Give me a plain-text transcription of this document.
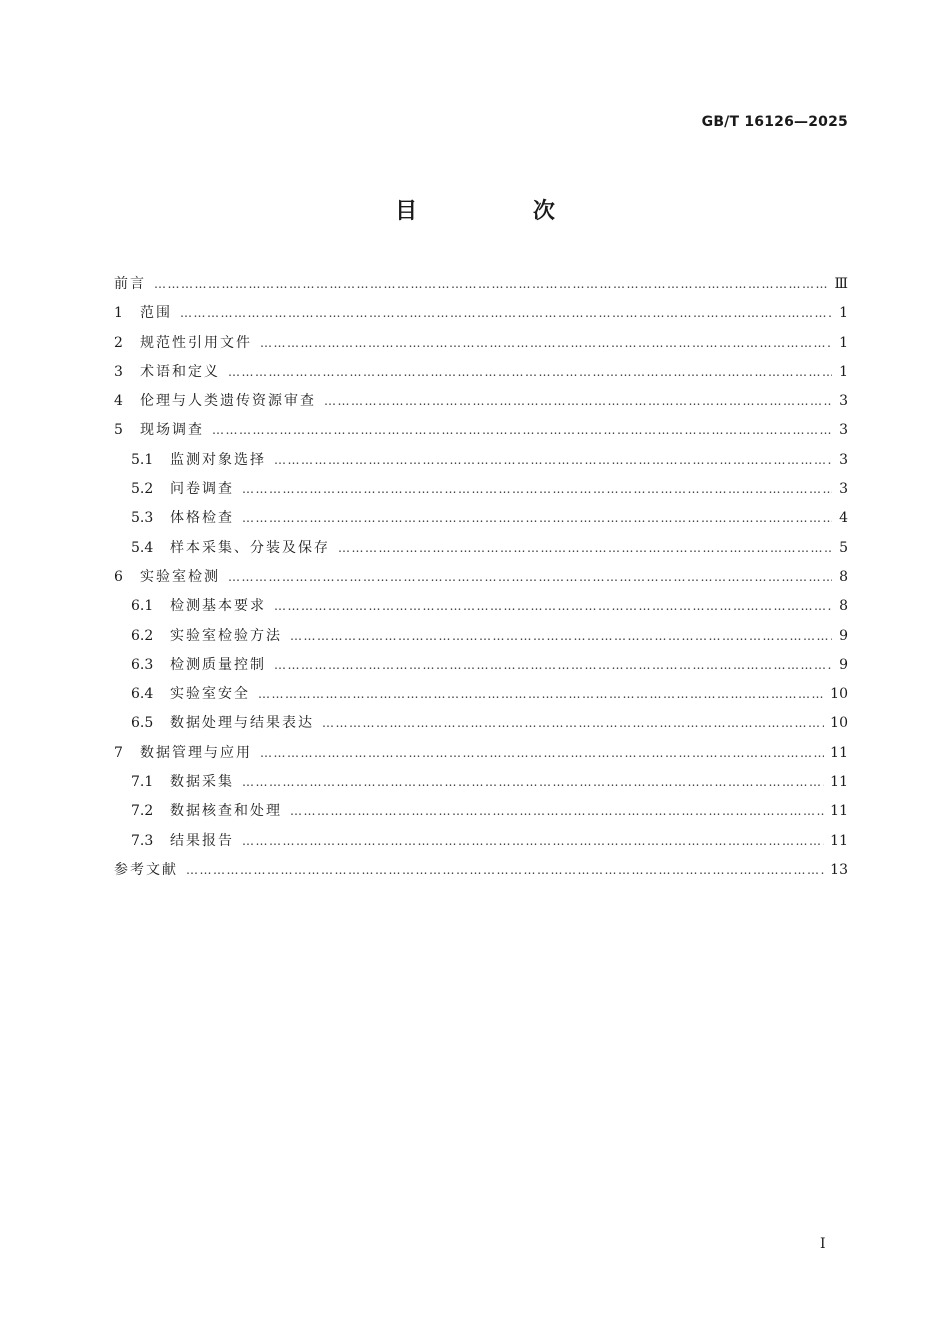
GB/T 16126—2025
目 次
前言 ………………………………………………………………………………………………………………………………………………………………………………………	Ⅲ
1	范围 ………………………………………………………………………………………………………………………………………………………………………………………	1
2	规范性引用文件 ………………………………………………………………………………………………………………………………………………………………………………………	1
3	术语和定义 ………………………………………………………………………………………………………………………………………………………………………………………	1
4	伦理与人类遗传资源审查 ………………………………………………………………………………………………………………………………………………………………………………………	3
5	现场调查 ………………………………………………………………………………………………………………………………………………………………………………………	3
5.1	监测对象选择 ………………………………………………………………………………………………………………………………………………………………………………………	3
5.2	问卷调查 ………………………………………………………………………………………………………………………………………………………………………………………	3
5.3	体格检查 ………………………………………………………………………………………………………………………………………………………………………………………	4
5.4	样本采集、分装及保存 ………………………………………………………………………………………………………………………………………………………………………………………	5
6	实验室检测 ………………………………………………………………………………………………………………………………………………………………………………………	8
6.1	检测基本要求 ………………………………………………………………………………………………………………………………………………………………………………………	8
6.2	实验室检验方法 ………………………………………………………………………………………………………………………………………………………………………………………	9
6.3	检测质量控制 ………………………………………………………………………………………………………………………………………………………………………………………	9
6.4	实验室安全 ………………………………………………………………………………………………………………………………………………………………………………………	10
6.5	数据处理与结果表达 ………………………………………………………………………………………………………………………………………………………………………………………	10
7	数据管理与应用 ………………………………………………………………………………………………………………………………………………………………………………………	11
7.1	数据采集 ………………………………………………………………………………………………………………………………………………………………………………………	11
7.2	数据核查和处理 ………………………………………………………………………………………………………………………………………………………………………………………	11
7.3	结果报告 ………………………………………………………………………………………………………………………………………………………………………………………	11
参考文献 ………………………………………………………………………………………………………………………………………………………………………………………	13
I
